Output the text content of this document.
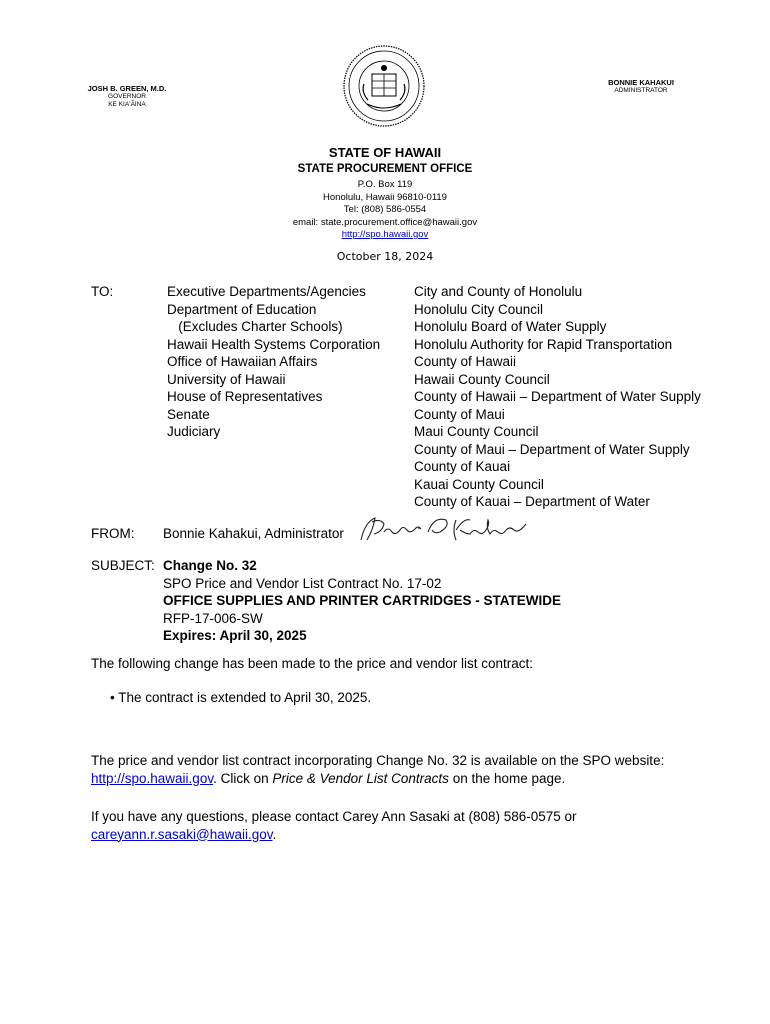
JOSH B. GREEN, M.D.
GOVERNOR
KE KIAʻĀINA
BONNIE KAHAKUI
ADMINISTRATOR
STATE OF HAWAII
STATE PROCUREMENT OFFICE
P.O. Box 119
Honolulu, Hawaii 96810-0119
Tel: (808) 586-0554
email: state.procurement.office@hawaii.gov
http://spo.hawaii.gov
October 18, 2024
TO:	Executive Departments/Agencies
Department of Education
(Excludes Charter Schools)
Hawaii Health Systems Corporation
Office of Hawaiian Affairs
University of Hawaii
House of Representatives
Senate
Judiciary
City and County of Honolulu
Honolulu City Council
Honolulu Board of Water Supply
Honolulu Authority for Rapid Transportation
County of Hawaii
Hawaii County Council
County of Hawaii – Department of Water Supply
County of Maui
Maui County Council
County of Maui – Department of Water Supply
County of Kauai
Kauai County Council
County of Kauai – Department of Water
FROM: Bonnie Kahakui, Administrator
SUBJECT: Change No. 32
SPO Price and Vendor List Contract No. 17-02
OFFICE SUPPLIES AND PRINTER CARTRIDGES - STATEWIDE
RFP-17-006-SW
Expires: April 30, 2025
The following change has been made to the price and vendor list contract:
• The contract is extended to April 30, 2025.
The price and vendor list contract incorporating Change No. 32 is available on the SPO website:
http://spo.hawaii.gov. Click on Price & Vendor List Contracts on the home page.
If you have any questions, please contact Carey Ann Sasaki at (808) 586-0575 or
careyann.r.sasaki@hawaii.gov.
